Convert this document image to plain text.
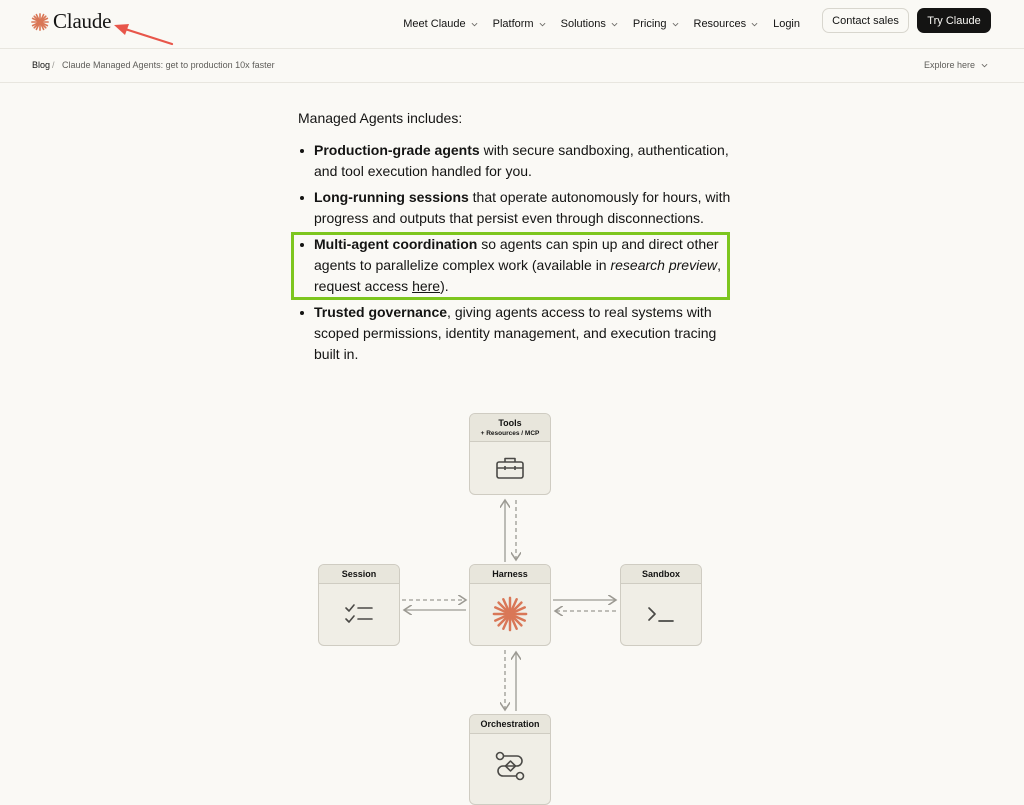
Claude	Meet Claude Platform Solutions Pricing Resources Login	Contact sales	Try Claude
Blog / Claude Managed Agents: get to production 10x faster	Explore here
Managed Agents includes:
Production-grade agents with secure sandboxing, authentication, and tool execution handled for you.
Long-running sessions that operate autonomously for hours, with progress and outputs that persist even through disconnections.
Multi-agent coordination so agents can spin up and direct other agents to parallelize complex work (available in research preview, request access here).
Trusted governance, giving agents access to real systems with scoped permissions, identity management, and execution tracing built in.
Tools
+ Resources / MCP
Session	Harness	Sandbox
Orchestration
